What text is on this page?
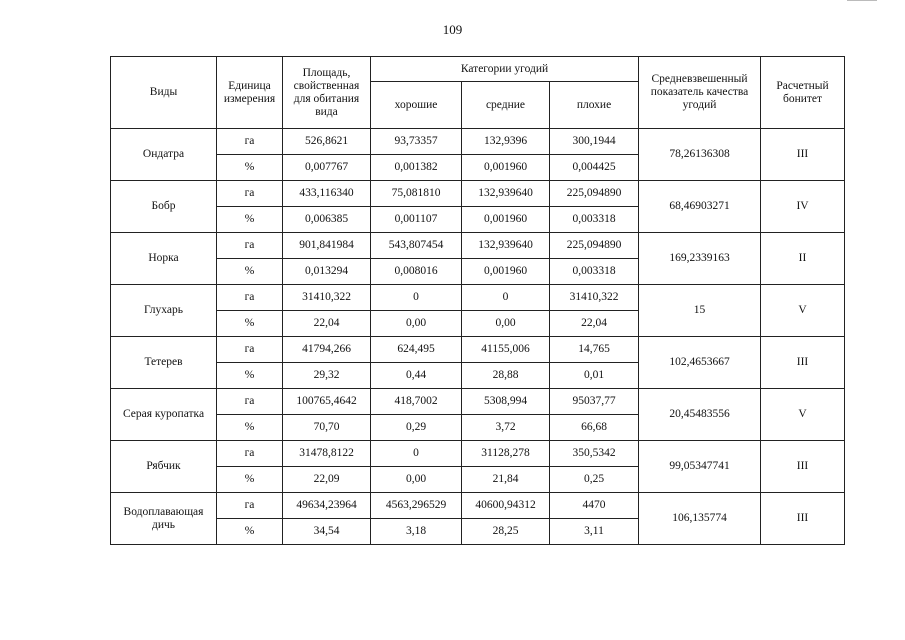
109
Виды	Единица измерения	Площадь, свойственная для обитания вида	Категории угодий			Средневзвешенный показатель качества угодий	Расчетный бонитет
			хорошие	средние	плохие		
Ондатра	га	526,8621	93,73357	132,9396	300,1944	78,26136308	III
	%	0,007767	0,001382	0,001960	0,004425		
Бобр	га	433,116340	75,081810	132,939640	225,094890	68,46903271	IV
	%	0,006385	0,001107	0,001960	0,003318		
Норка	га	901,841984	543,807454	132,939640	225,094890	169,2339163	II
	%	0,013294	0,008016	0,001960	0,003318		
Глухарь	га	31410,322	0	0	31410,322	15	V
	%	22,04	0,00	0,00	22,04		
Тетерев	га	41794,266	624,495	41155,006	14,765	102,4653667	III
	%	29,32	0,44	28,88	0,01		
Серая куропатка	га	100765,4642	418,7002	5308,994	95037,77	20,45483556	V
	%	70,70	0,29	3,72	66,68		
Рябчик	га	31478,8122	0	31128,278	350,5342	99,05347741	III
	%	22,09	0,00	21,84	0,25		
Водоплавающая дичь	га	49634,23964	4563,296529	40600,94312	4470	106,135774	III
	%	34,54	3,18	28,25	3,11		
